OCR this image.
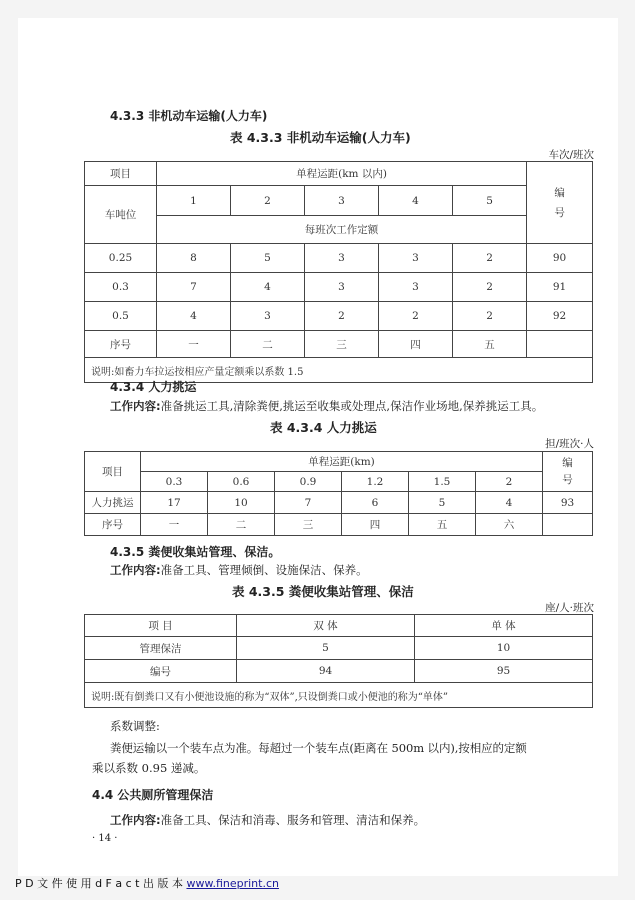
4.3.3 非机动车运输(人力车)
表 4.3.3 非机动车运输(人力车)
车次/班次
项目	单程运距(km 以内)					编号
车吨位	1	2	3	4	5	
	每班次工作定额					
0.25	8	5	3	3	2	90
0.3	7	4	3	3	2	91
0.5	4	3	2	2	2	92
序号	一	二	三	四	五	
说明:如畜力车拉运按相应产量定额乘以系数 1.5						
4.3.4 人力挑运
工作内容:准备挑运工具,清除粪便,挑运至收集或处理点,保洁作业场地,保养挑运工具。
表 4.3.4 人力挑运
担/班次·人
项目	单程运距(km)						编号
	0.3	0.6	0.9	1.2	1.5	2	
人力挑运	17	10	7	6	5	4	93
序号	一	二	三	四	五	六	
4.3.5 粪便收集站管理、保洁。
工作内容:准备工具、管理倾倒、设施保洁、保养。
表 4.3.5 粪便收集站管理、保洁
座/人·班次
项 目	双 体	单 体
管理保洁	5	10
编号	94	95
说明:既有倒粪口又有小便池设施的称为“双体”,只设倒粪口或小便池的称为“单体”		
系数调整:
粪便运输以一个装车点为准。每超过一个装车点(距离在 500m 以内),按相应的定额
乘以系数 0.95 递减。
4.4 公共厕所管理保洁
工作内容:准备工具、保洁和消毒、服务和管理、清洁和保养。
· 14 ·
P D 文 件 使 用 d F a c t 出 版 本 www.fineprint.cn
